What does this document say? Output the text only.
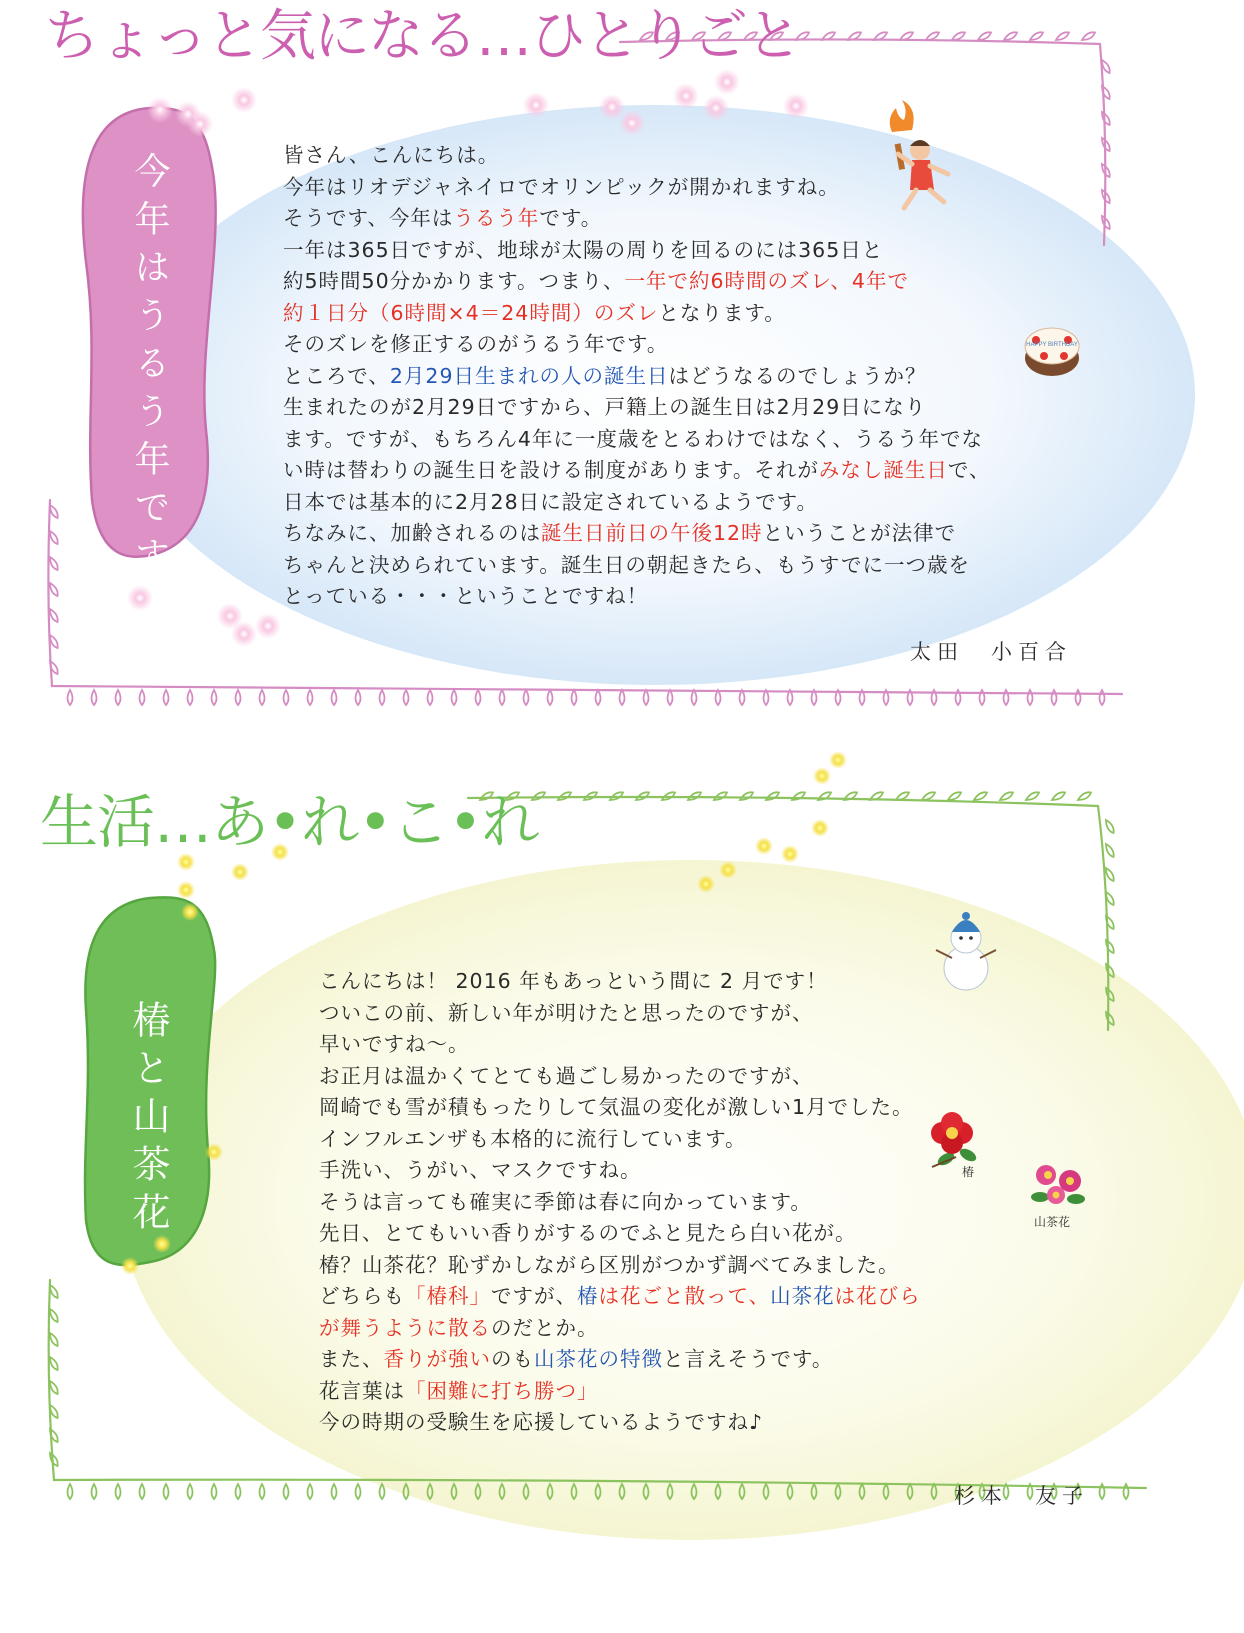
HAPPY BIRTHDAY
椿
山茶花
ちょっと気になる…ひとりごと
今年はうるう年です！	皆さん、こんにちは。
今年はリオデジャネイロでオリンピックが開かれますね。
そうです、今年はうるう年です。
一年は365日ですが、地球が太陽の周りを回るのには365日と
約5時間50分かかります。つまり、一年で約6時間のズレ、4年で
約１日分（6時間×4＝24時間）のズレとなります。
そのズレを修正するのがうるう年です。
ところで、2月29日生まれの人の誕生日はどうなるのでしょうか？
生まれたのが2月29日ですから、戸籍上の誕生日は2月29日になり
ます。ですが、もちろん4年に一度歳をとるわけではなく、うるう年でな
い時は替わりの誕生日を設ける制度があります。それがみなし誕生日で、
日本では基本的に2月28日に設定されているようです。
ちなみに、加齢されるのは誕生日前日の午後12時ということが法律で
ちゃんと決められています。誕生日の朝起きたら、もうすでに一つ歳を
とっている・・・ということですね！
太田　小百合
生活…あ•れ•こ•れ
椿と山茶花
こんにちは！ 2016 年もあっという間に 2 月です！
ついこの前、新しい年が明けたと思ったのですが、
早いですね～。
お正月は温かくてとても過ごし易かったのですが、
岡崎でも雪が積もったりして気温の変化が激しい1月でした。
インフルエンザも本格的に流行しています。
手洗い、うがい、マスクですね。
そうは言っても確実に季節は春に向かっています。
先日、とてもいい香りがするのでふと見たら白い花が。
椿？山茶花？恥ずかしながら区別がつかず調べてみました。
どちらも「椿科」ですが、椿は花ごと散って、山茶花は花びら
が舞うように散るのだとか。
また、香りが強いのも山茶花の特徴と言えそうです。
花言葉は「困難に打ち勝つ」
今の時期の受験生を応援しているようですね♪
杉本　友子
